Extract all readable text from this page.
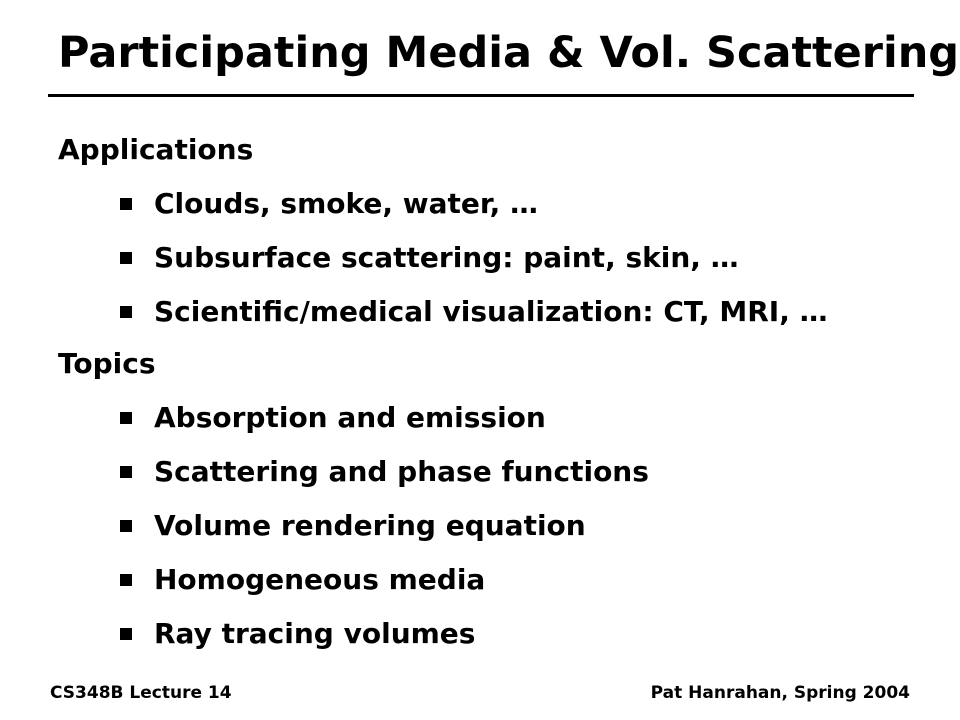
Participating Media & Vol. Scattering
Applications
Clouds, smoke, water, …
Subsurface scattering: paint, skin, …
Scientific/medical visualization: CT, MRI, …
Topics
Absorption and emission
Scattering and phase functions
Volume rendering equation
Homogeneous media
Ray tracing volumes
CS348B Lecture 14	Pat Hanrahan, Spring 2004
